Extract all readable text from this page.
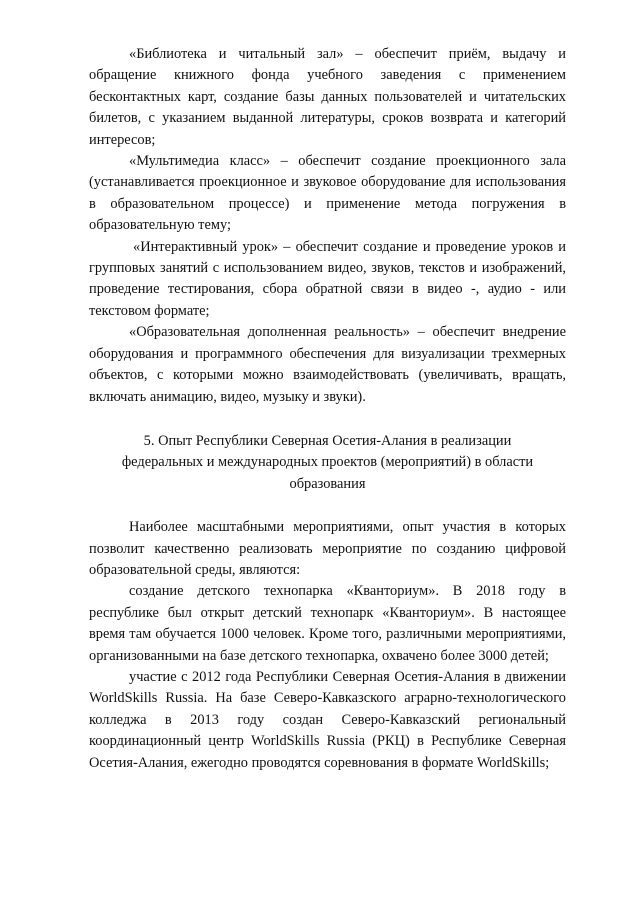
«Библиотека и читальный зал» – обеспечит приём, выдачу и обращение книжного фонда учебного заведения с применением бесконтактных карт, создание базы данных пользователей и читательских билетов, с указанием выданной литературы, сроков возврата и категорий интересов;

«Мультимедиа класс» – обеспечит создание проекционного зала (устанавливается проекционное и звуковое оборудование для использования в образовательном процессе) и применение метода погружения в образовательную тему;

«Интерактивный урок» – обеспечит создание и проведение уроков и групповых занятий с использованием видео, звуков, текстов и изображений, проведение тестирования, сбора обратной связи в видео -, аудио - или текстовом формате;

«Образовательная дополненная реальность» – обеспечит внедрение оборудования и программного обеспечения для визуализации трехмерных объектов, с которыми можно взаимодействовать (увеличивать, вращать, включать анимацию, видео, музыку и звуки).

5. Опыт Республики Северная Осетия-Алания в реализации
федеральных и международных проектов (мероприятий) в области
образования

Наиболее масштабными мероприятиями, опыт участия в которых позволит качественно реализовать мероприятие по созданию цифровой образовательной среды, являются:

создание детского технопарка «Кванториум». В 2018 году в республике был открыт детский технопарк «Кванториум». В настоящее время там обучается 1000 человек. Кроме того, различными мероприятиями, организованными на базе детского технопарка, охвачено более 3000 детей;

участие с 2012 года Республики Северная Осетия-Алания в движении WorldSkills Russia. На базе Северо-Кавказского аграрно-технологического колледжа в 2013 году создан Северо-Кавказский региональный координационный центр WorldSkills Russia (РКЦ) в Республике Северная Осетия-Алания, ежегодно проводятся соревнования в формате WorldSkills;
